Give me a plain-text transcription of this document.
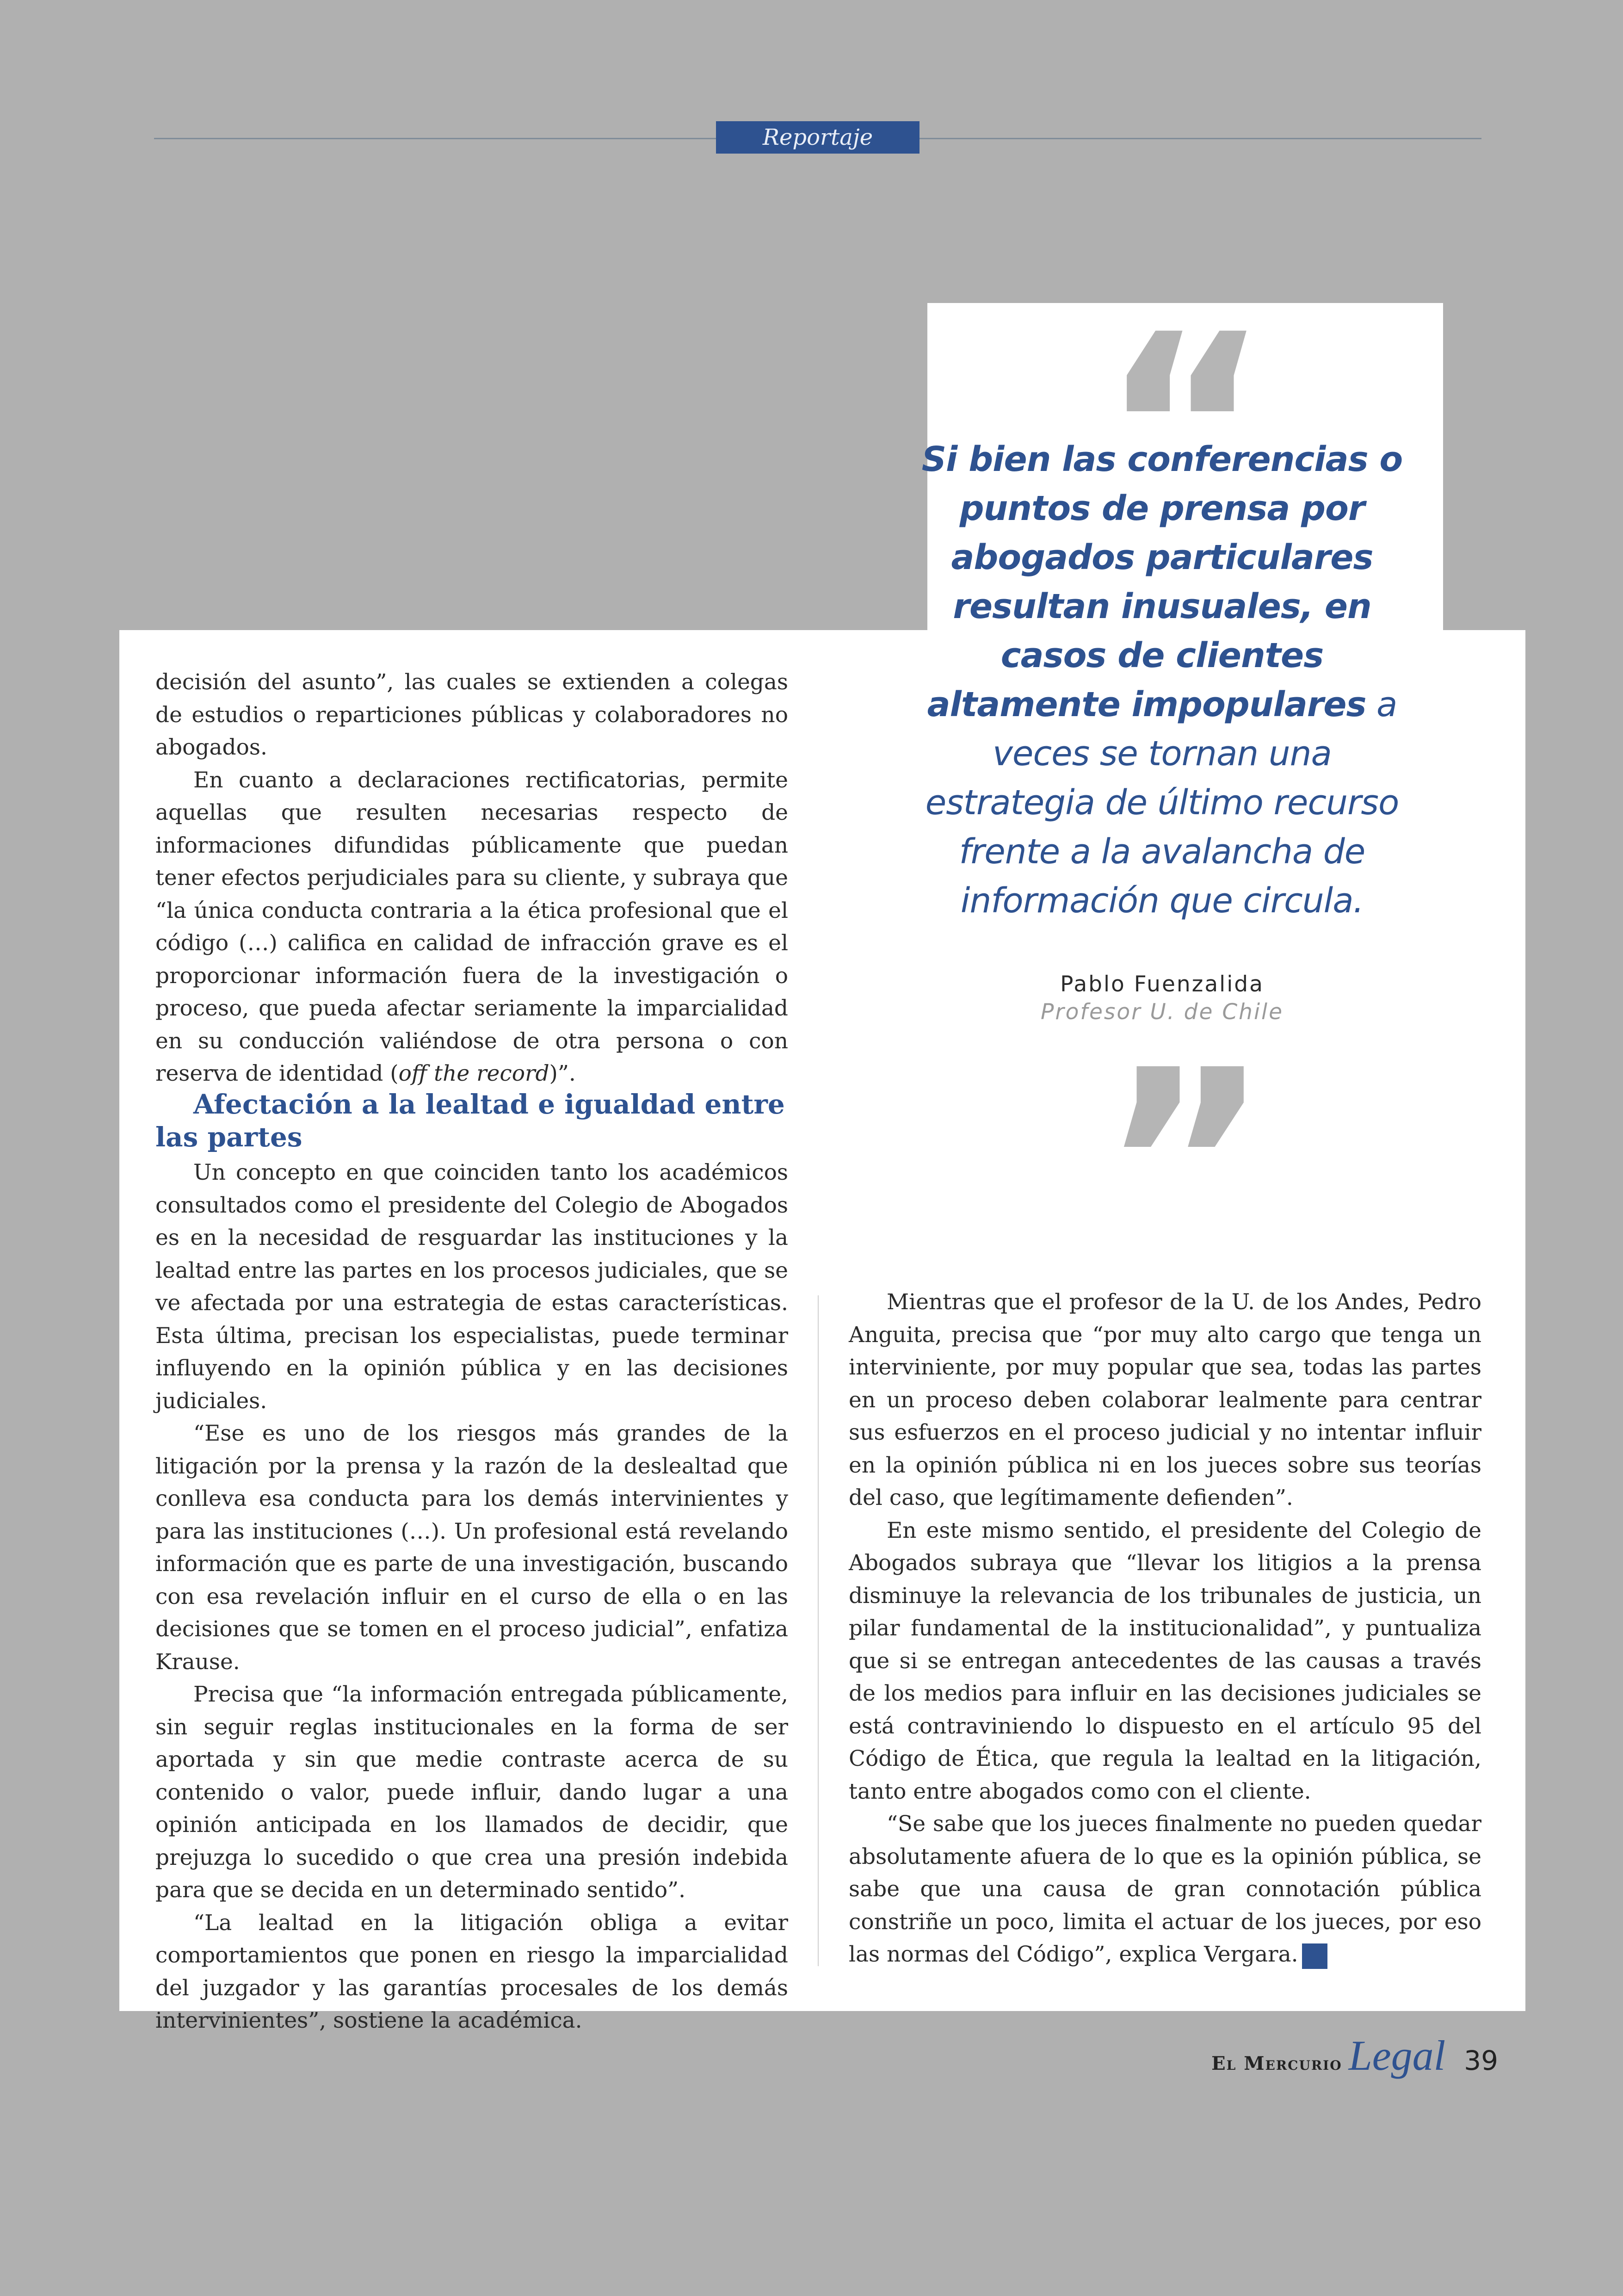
Reportaje
Si bien las conferencias o puntos de prensa por abogados particulares resultan inusuales, en casos de clientes altamente impopulares a veces se tornan una estrategia de último recurso frente a la avalancha de información que circula.
Pablo Fuenzalida
Profesor U. de Chile

decisión del asunto”, las cuales se extienden a colegas de estudios o reparticiones públicas y colaboradores no abogados.

En cuanto a declaraciones rectificatorias, permite aquellas que resulten necesarias respecto de informaciones difundidas públicamente que puedan tener efectos perjudiciales para su cliente, y subraya que “la única conducta contraria a la ética profesional que el código (…) califica en calidad de infracción grave es el proporcionar información fuera de la investigación o proceso, que pueda afectar seriamente la imparcialidad en su conducción valiéndose de otra persona o con reserva de identidad (off the record)”.

Afectación a la lealtad e igualdad entre las partes

Un concepto en que coinciden tanto los académicos consultados como el presidente del Colegio de Abogados es en la necesidad de resguardar las instituciones y la lealtad entre las partes en los procesos judiciales, que se ve afectada por una estrategia de estas características. Esta última, precisan los especialistas, puede terminar influyendo en la opinión pública y en las decisiones judiciales.

“Ese es uno de los riesgos más grandes de la litigación por la prensa y la razón de la deslealtad que conlleva esa conducta para los demás intervinientes y para las instituciones (…). Un profesional está revelando información que es parte de una investigación, buscando con esa revelación influir en el curso de ella o en las decisiones que se tomen en el proceso judicial”, enfatiza Krause.

Precisa que “la información entregada públicamente, sin seguir reglas institucionales en la forma de ser aportada y sin que medie contraste acerca de su contenido o valor, puede influir, dando lugar a una opinión anticipada en los llamados de decidir, que prejuzga lo sucedido o que crea una presión indebida para que se decida en un determinado sentido”.

“La lealtad en la litigación obliga a evitar comportamientos que ponen en riesgo la imparcialidad del juzgador y las garantías procesales de los demás intervinientes”, sostiene la académica.

Mientras que el profesor de la U. de los Andes, Pedro Anguita, precisa que “por muy alto cargo que tenga un interviniente, por muy popular que sea, todas las partes en un proceso deben colaborar lealmente para centrar sus esfuerzos en el proceso judicial y no intentar influir en la opinión pública ni en los jueces sobre sus teorías del caso, que legítimamente defienden”.

En este mismo sentido, el presidente del Colegio de Abogados subraya que “llevar los litigios a la prensa disminuye la relevancia de los tribunales de justicia, un pilar fundamental de la institucionalidad”, y puntualiza que si se entregan antecedentes de las causas a través de los medios para influir en las decisiones judiciales se está contraviniendo lo dispuesto en el artículo 95 del Código de Ética, que regula la lealtad en la litigación, tanto entre abogados como con el cliente.

“Se sabe que los jueces finalmente no pueden quedar absolutamente afuera de lo que es la opinión pública, se sabe que una causa de gran connotación pública constriñe un poco, limita el actuar de los jueces, por eso las normas del Código”, explica Vergara. L

El Mercurio Legal 39
